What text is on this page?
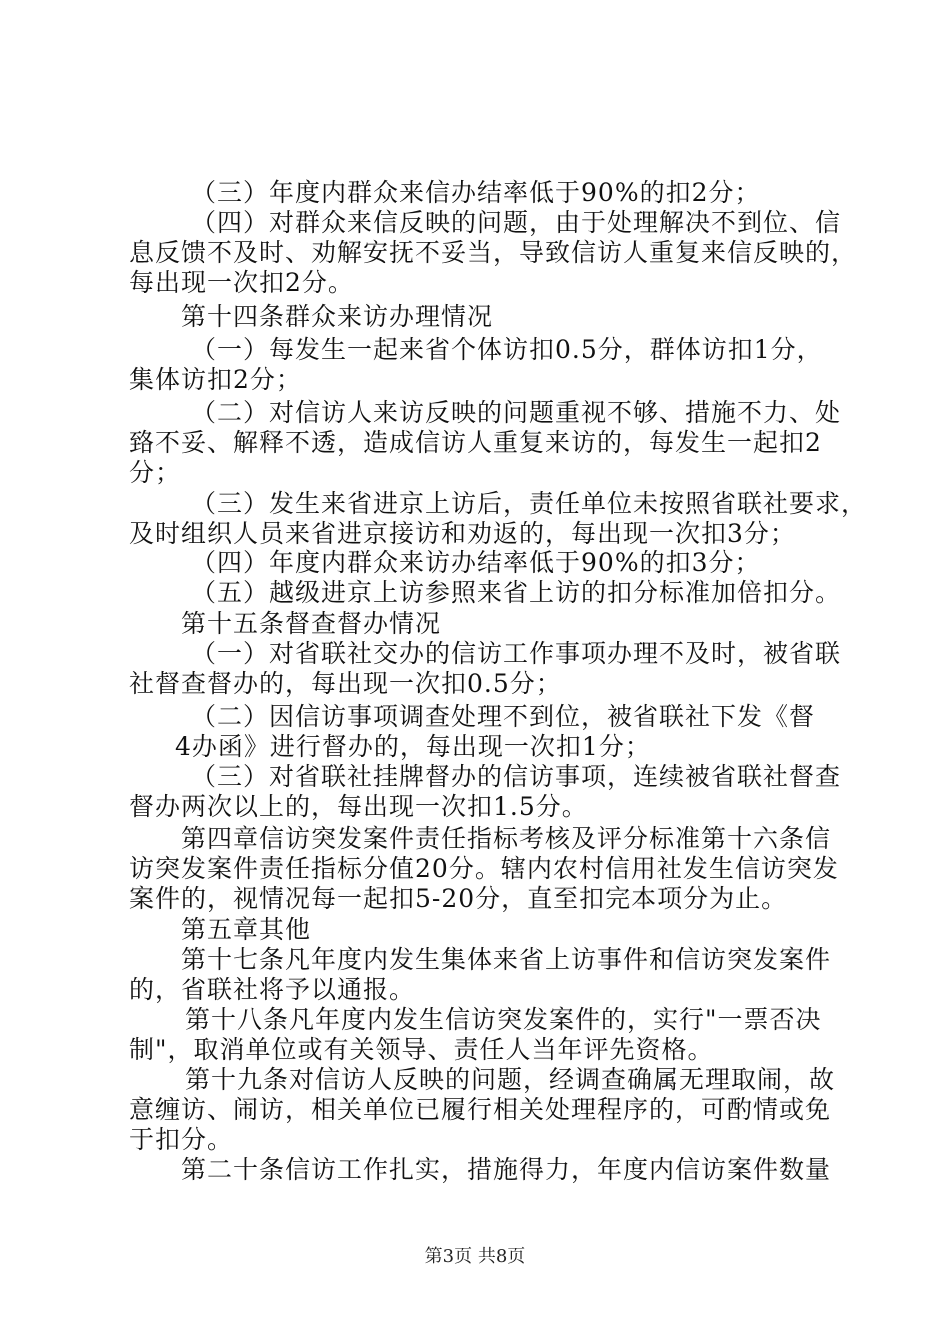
（三）年度内群众来信办结率低于90%的扣2分；
（四）对群众来信反映的问题，由于处理解决不到位、信
息反馈不及时、劝解安抚不妥当，导致信访人重复来信反映的，
每出现一次扣2分。
第十四条群众来访办理情况
（一）每发生一起来省个体访扣0.5分，群体访扣1分，
集体访扣2分；
（二）对信访人来访反映的问题重视不够、措施不力、处
臵不妥、解释不透，造成信访人重复来访的，每发生一起扣2
分；
（三）发生来省进京上访后，责任单位未按照省联社要求，
及时组织人员来省进京接访和劝返的，每出现一次扣3分；
（四）年度内群众来访办结率低于90%的扣3分；
（五）越级进京上访参照来省上访的扣分标准加倍扣分。
第十五条督查督办情况
（一）对省联社交办的信访工作事项办理不及时，被省联
社督查督办的，每出现一次扣0.5分；
（二）因信访事项调查处理不到位，被省联社下发《督
4办函》进行督办的，每出现一次扣1分；
（三）对省联社挂牌督办的信访事项，连续被省联社督查
督办两次以上的，每出现一次扣1.5分。
第四章信访突发案件责任指标考核及评分标准第十六条信
访突发案件责任指标分值20分。辖内农村信用社发生信访突发
案件的，视情况每一起扣5-20分，直至扣完本项分为止。
第五章其他
第十七条凡年度内发生集体来省上访事件和信访突发案件
的，省联社将予以通报。
第十八条凡年度内发生信访突发案件的，实行"一票否决
制"，取消单位或有关领导、责任人当年评先资格。
第十九条对信访人反映的问题，经调查确属无理取闹，故
意缠访、闹访，相关单位已履行相关处理程序的，可酌情或免
于扣分。
第二十条信访工作扎实，措施得力，年度内信访案件数量
第3页 共8页
